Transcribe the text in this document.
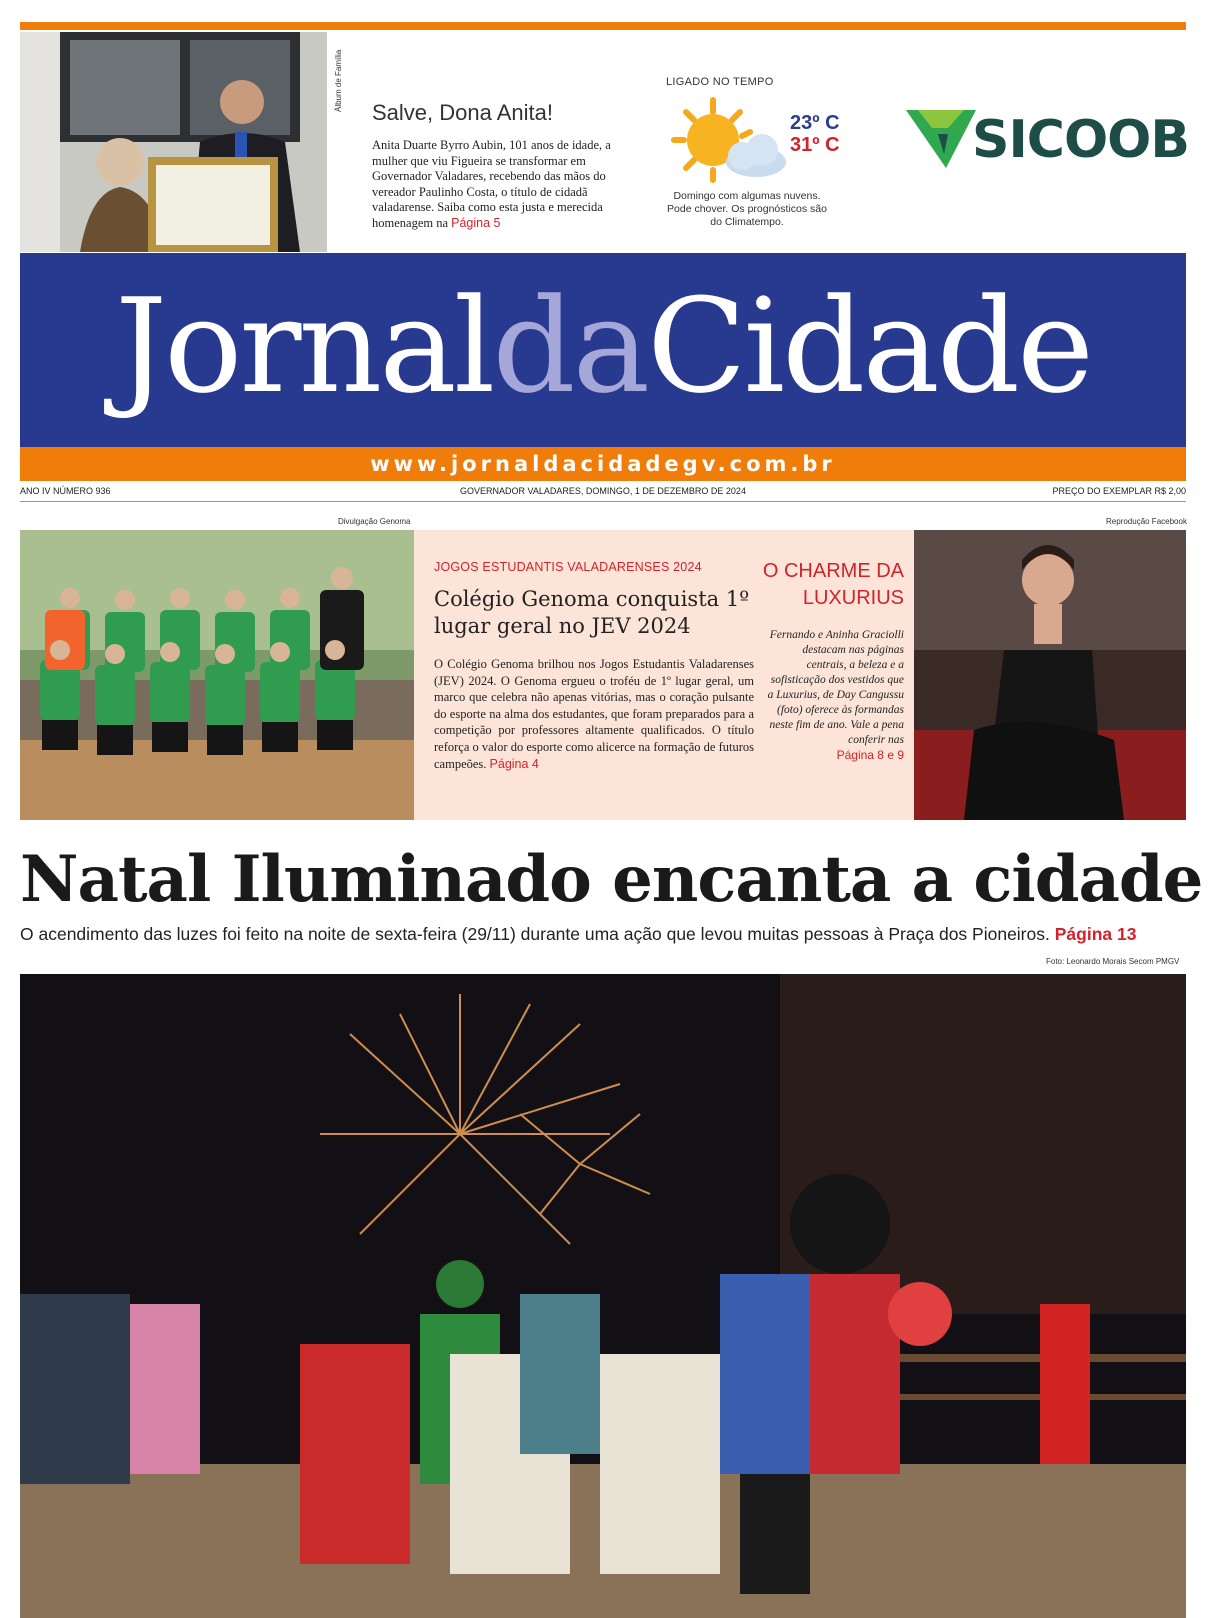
Álbum de Família
Salve, Dona Anita!

Anita Duarte Byrro Aubin, 101 anos de idade, a mulher que viu Figueira se transformar em Governador Valadares, recebendo das mãos do vereador Paulinho Costa, o título de cidadã valadarense. Saiba como esta justa e merecida homenagem na Página 5

LIGADO NO TEMPO
23º C
31º C
Domingo com algumas nuvens. Pode chover. Os prognósticos são do Climatempo.
SICOOB
JornaldaCidade
www.jornaldacidadegv.com.br
ANO IV NÚMERO 936	GOVERNADOR VALADARES, DOMINGO, 1 DE DEZEMBRO DE 2024	PREÇO DO EXEMPLAR R$ 2,00
Divulgação Genoma	Reprodução Facebook
JOGOS ESTUDANTIS VALADARENSES 2024
Colégio Genoma conquista 1º lugar geral no JEV 2024

O Colégio Genoma brilhou nos Jogos Estudantis Valadarenses (JEV) 2024. O Genoma ergueu o troféu de 1º lugar geral, um marco que celebra não apenas vitórias, mas o coração pulsante do esporte na alma dos estudantes, que foram preparados para a competição por professores altamente qualificados. O título reforça o valor do esporte como alicerce na formação de futuros campeões. Página 4

O CHARME DA LUXURIUS

Fernando e Aninha Graciolli destacam nas páginas centrais, a beleza e a sofisticação dos vestidos que a Luxurius, de Day Cangussu (foto) oferece às formandas neste fim de ano. Vale a pena conferir nas
Página 8 e 9

Natal Iluminado encanta a cidade

O acendimento das luzes foi feito na noite de sexta-feira (29/11) durante uma ação que levou muitas pessoas à Praça dos Pioneiros. Página 13

Foto: Leonardo Morais Secom PMGV
